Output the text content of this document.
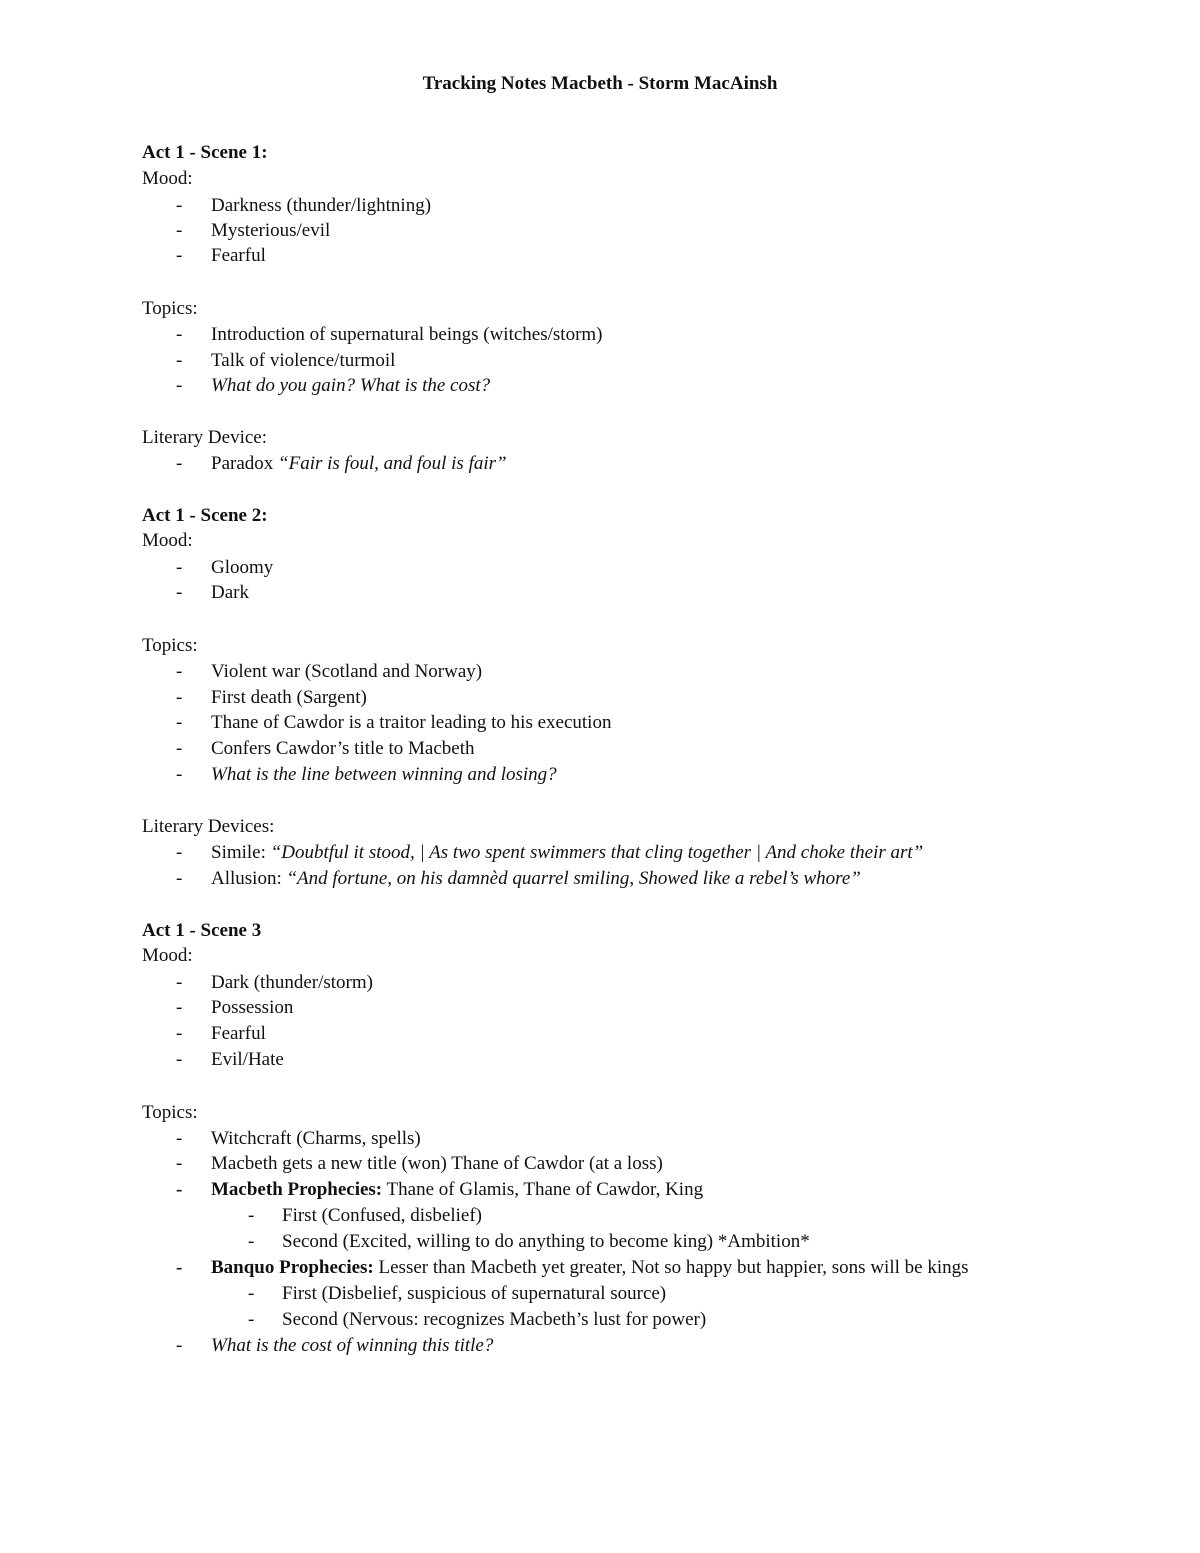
Tracking Notes Macbeth - Storm MacAinsh
Act 1 - Scene 1:
Mood:
- Darkness (thunder/lightning)
- Mysterious/evil
- Fearful
Topics:
- Introduction of supernatural beings (witches/storm)
- Talk of violence/turmoil
- What do you gain? What is the cost?
Literary Device:
- Paradox “Fair is foul, and foul is fair”
Act 1 - Scene 2:
Mood:
- Gloomy
- Dark
Topics:
- Violent war (Scotland and Norway)
- First death (Sargent)
- Thane of Cawdor is a traitor leading to his execution
- Confers Cawdor’s title to Macbeth
- What is the line between winning and losing?
Literary Devices:
- Simile: “Doubtful it stood, | As two spent swimmers that cling together | And choke their art”
- Allusion: “And fortune, on his damnèd quarrel smiling, Showed like a rebel’s whore”
Act 1 - Scene 3
Mood:
- Dark (thunder/storm)
- Possession
- Fearful
- Evil/Hate
Topics:
- Witchcraft (Charms, spells)
- Macbeth gets a new title (won) Thane of Cawdor (at a loss)
- Macbeth Prophecies: Thane of Glamis, Thane of Cawdor, King
- First (Confused, disbelief)
- Second (Excited, willing to do anything to become king) *Ambition*
- Banquo Prophecies: Lesser than Macbeth yet greater, Not so happy but happier, sons will be kings
- First (Disbelief, suspicious of supernatural source)
- Second (Nervous: recognizes Macbeth’s lust for power)
- What is the cost of winning this title?
